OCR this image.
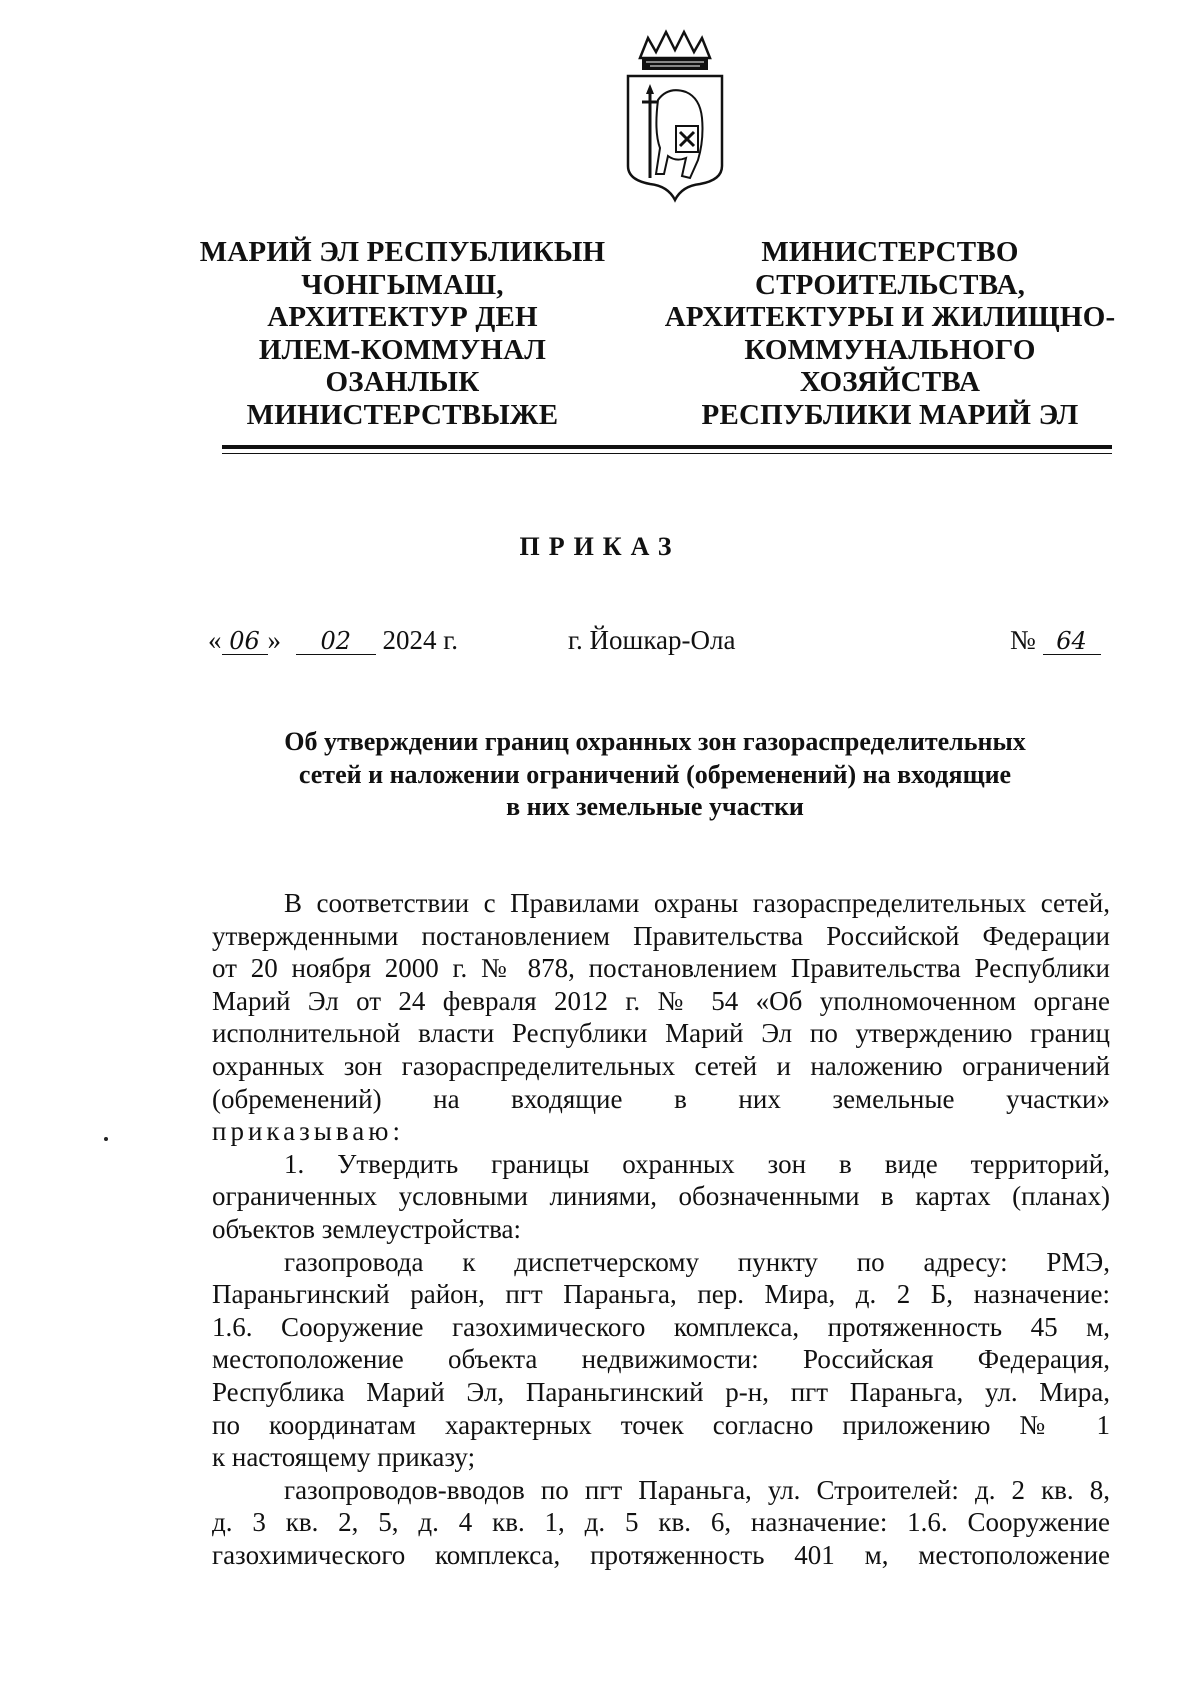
МАРИЙ ЭЛ РЕСПУБЛИКЫН
ЧОНГЫМАШ,
АРХИТЕКТУР ДЕН
ИЛЕМ-КОММУНАЛ
ОЗАНЛЫК
МИНИСТЕРСТВЫЖЕ
МИНИСТЕРСТВО
СТРОИТЕЛЬСТВА,
АРХИТЕКТУРЫ И ЖИЛИЩНО-
КОММУНАЛЬНОГО
ХОЗЯЙСТВА
РЕСПУБЛИКИ МАРИЙ ЭЛ
ПРИКАЗ
« 06 » 02 2024 г.	г. Йошкар-Ола	№ 64
Об утверждении границ охранных зон газораспределительных
сетей и наложении ограничений (обременений) на входящие
в них земельные участки
В соответствии с Правилами охраны газораспределительных сетей,
утвержденными постановлением Правительства Российской Федерации
от 20 ноября 2000 г. № 878, постановлением Правительства Республики
Марий Эл от 24 февраля 2012 г. № 54 «Об уполномоченном органе
исполнительной власти Республики Марий Эл по утверждению границ
охранных зон газораспределительных сетей и наложению ограничений
(обременений) на входящие в них земельные участки»
приказываю:
1. Утвердить границы охранных зон в виде территорий,
ограниченных условными линиями, обозначенными в картах (планах)
объектов землеустройства:
газопровода к диспетчерскому пункту по адресу: РМЭ,
Параньгинский район, пгт Параньга, пер. Мира, д. 2 Б, назначение:
1.6. Сооружение газохимического комплекса, протяженность 45 м,
местоположение объекта недвижимости: Российская Федерация,
Республика Марий Эл, Параньгинский р-н, пгт Параньга, ул. Мира,
по координатам характерных точек согласно приложению № 1
к настоящему приказу;
газопроводов-вводов по пгт Параньга, ул. Строителей: д. 2 кв. 8,
д. 3 кв. 2, 5, д. 4 кв. 1, д. 5 кв. 6, назначение: 1.6. Сооружение
газохимического комплекса, протяженность 401 м, местоположение
